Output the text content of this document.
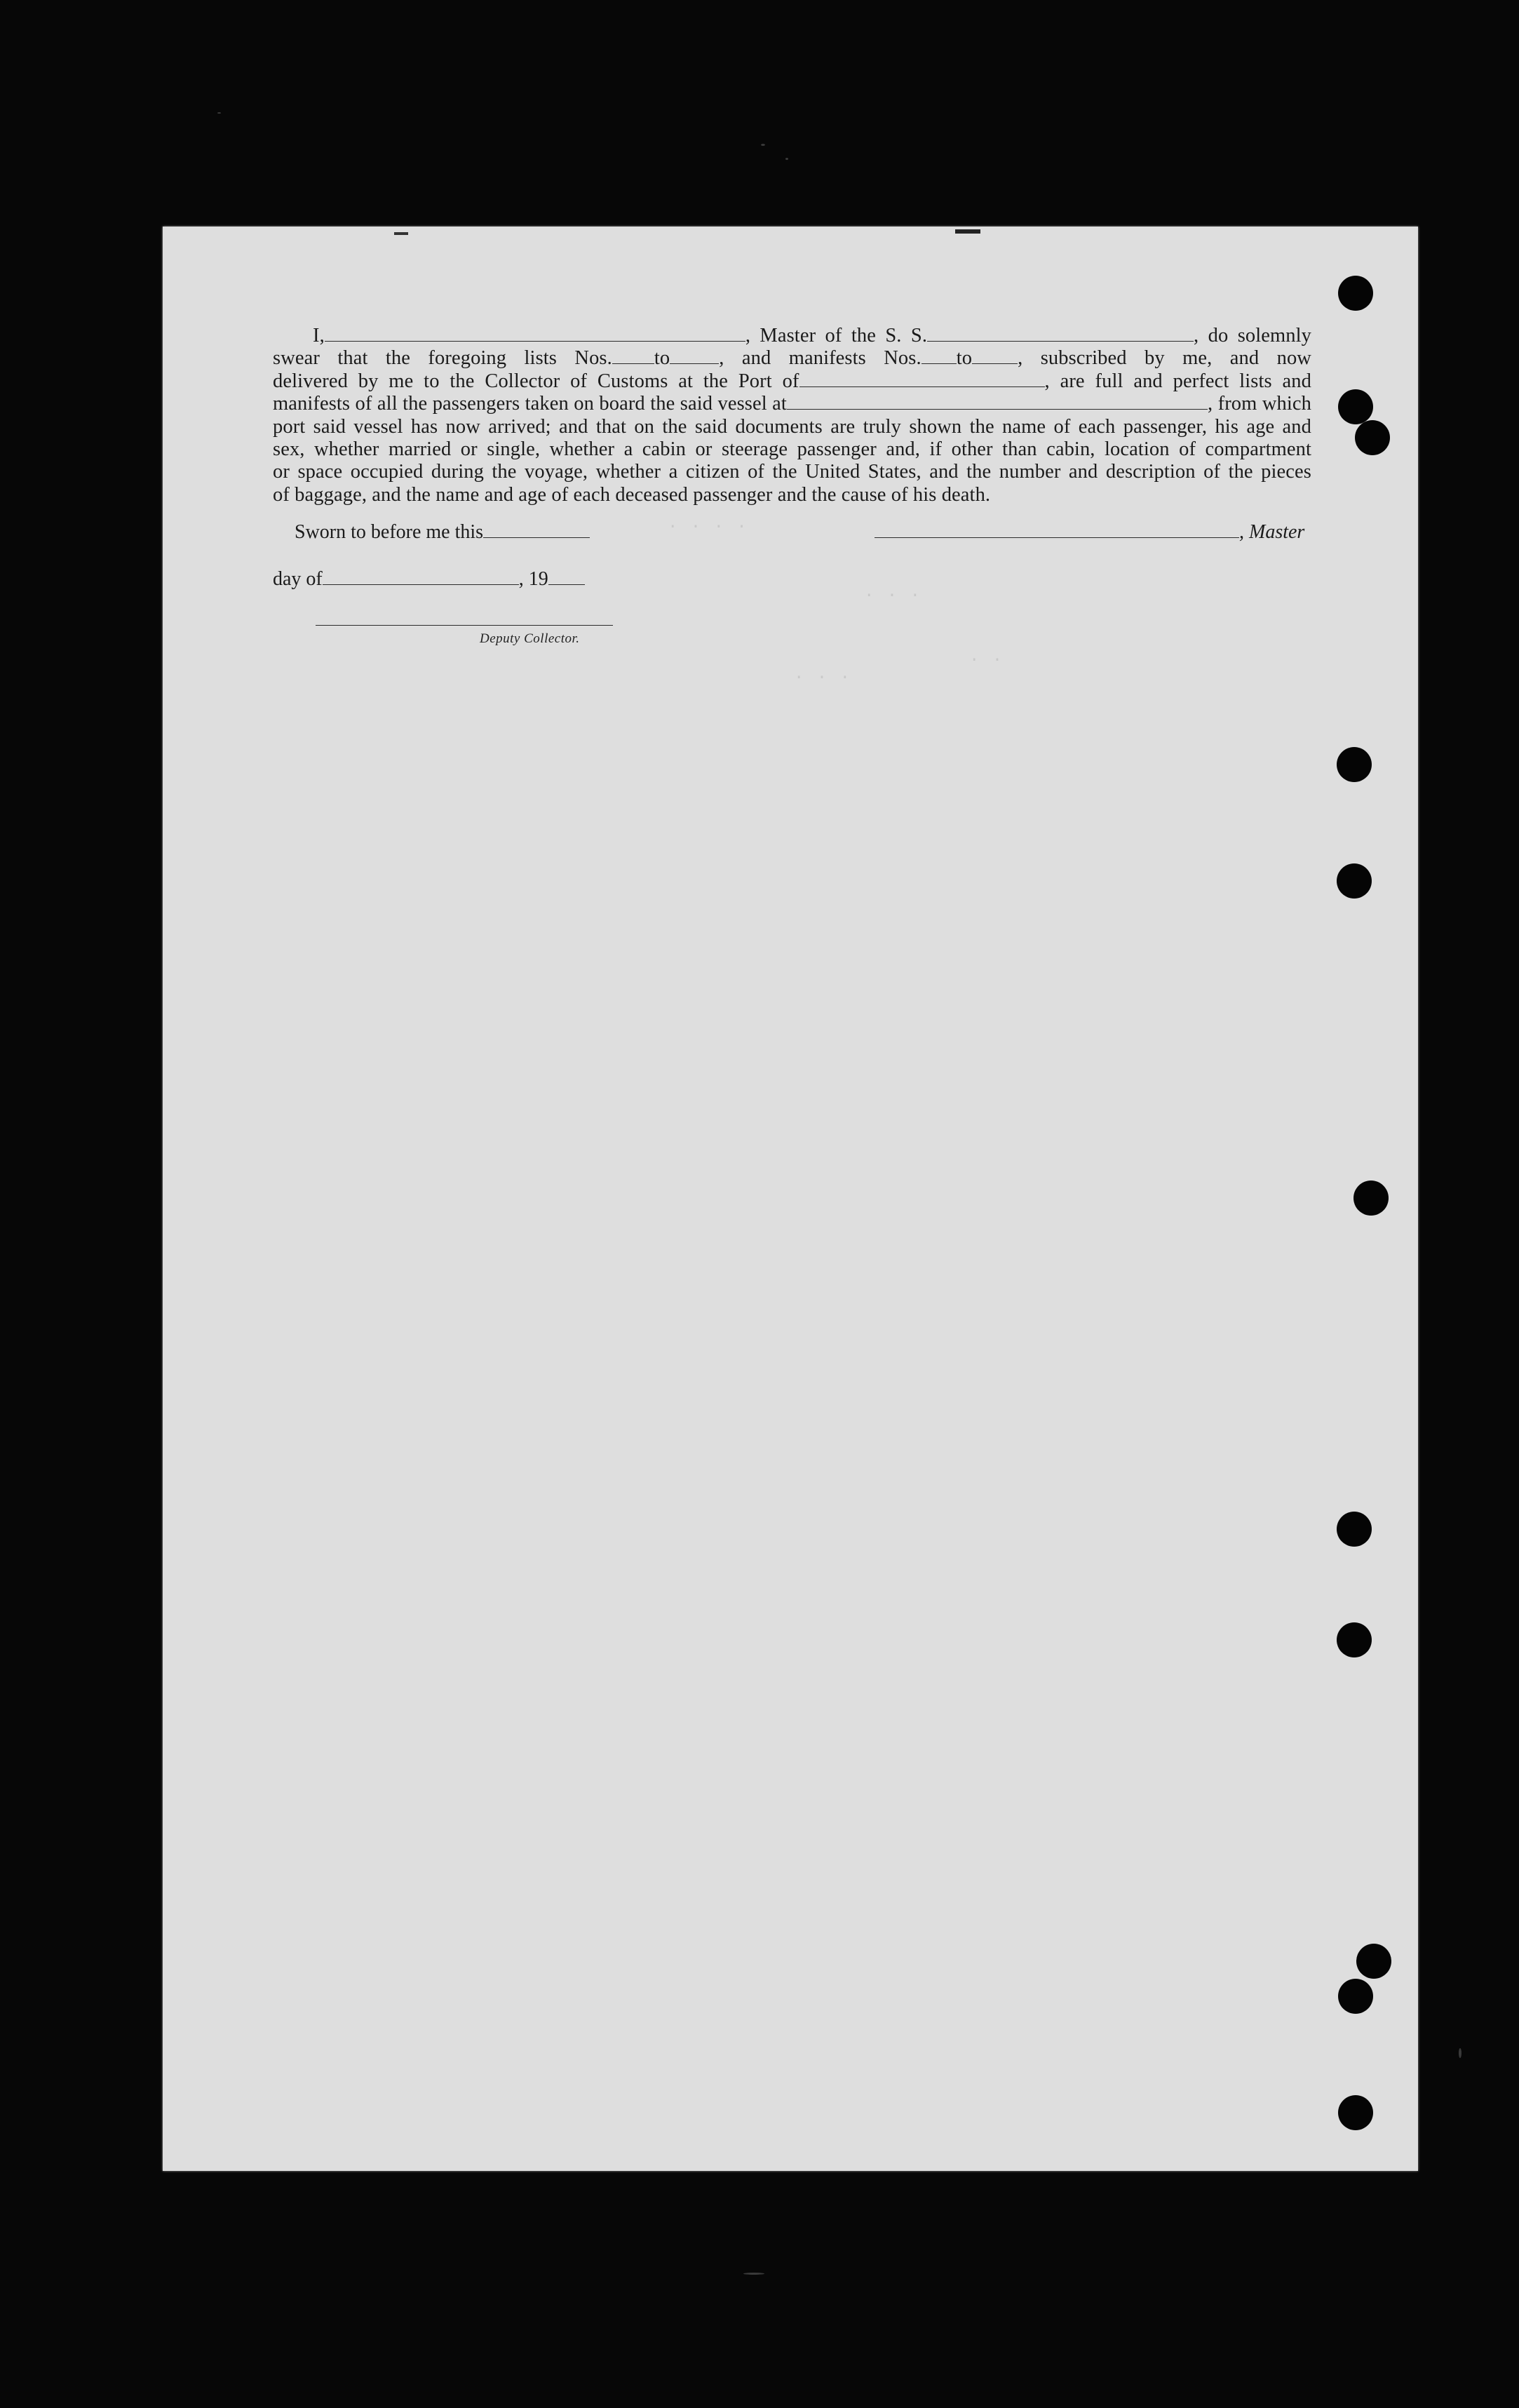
. . . .
. . .
. . .
. .
I,	, Master of the S. S.	, do solemnly
swear that the foregoing lists Nos. to , and manifests Nos. to , subscribed by me, and now
delivered by me to the Collector of Customs at the Port of	, are full and perfect lists and
manifests of all the passengers taken on board the said vessel at	, from which
port said vessel has now arrived; and that on the said documents are truly shown the name of each passenger, his age and
sex, whether married or single, whether a cabin or steerage passenger and, if other than cabin, location of compartment
or space occupied during the voyage, whether a citizen of the United States, and the number and description of the pieces
of baggage, and the name and age of each deceased passenger and the cause of his death.
Sworn to before me this	, Master
day of	, 19
Deputy Collector.
